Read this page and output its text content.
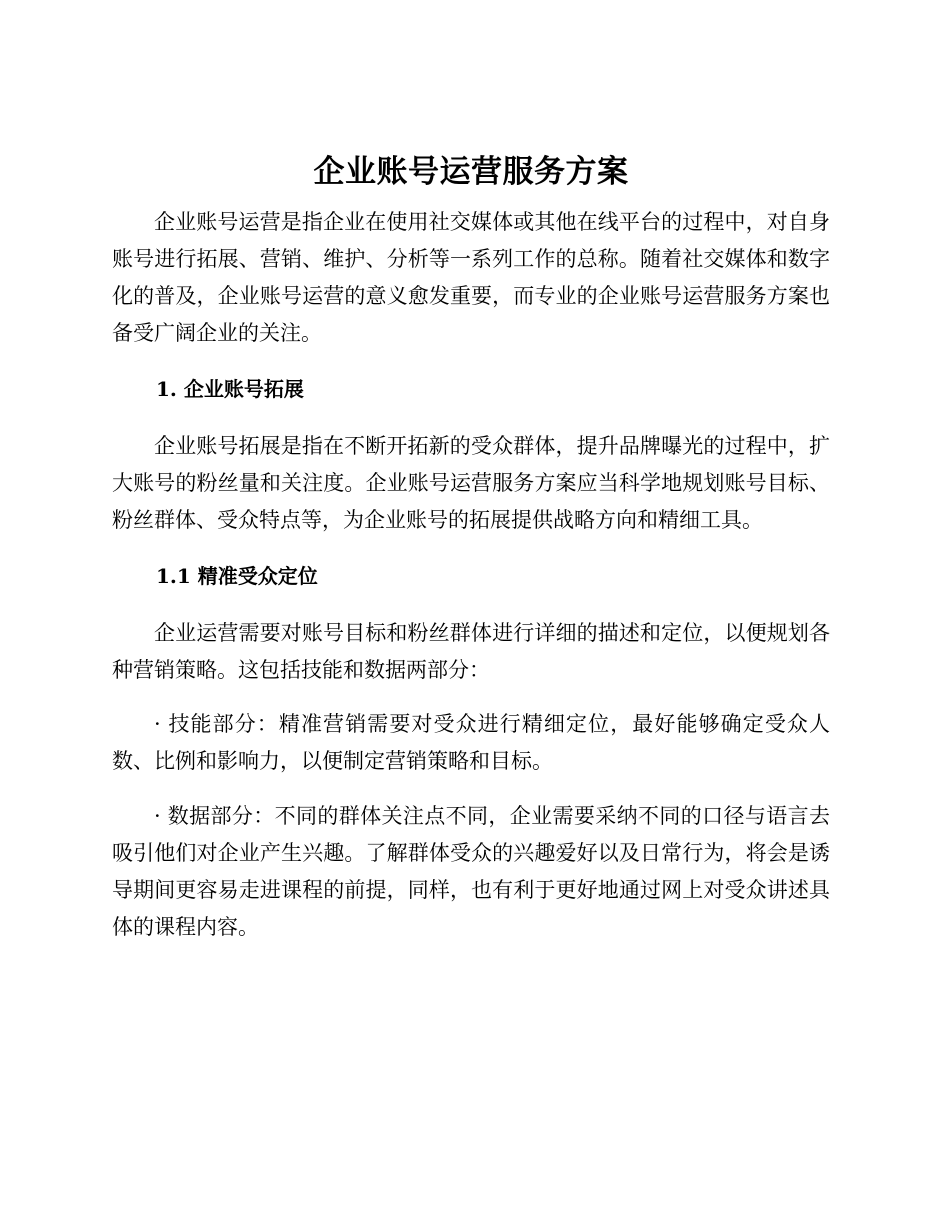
企业账号运营服务方案

企业账号运营是指企业在使用社交媒体或其他在线平台的过程中，对自身账号进行拓展、营销、维护、分析等一系列工作的总称。随着社交媒体和数字化的普及，企业账号运营的意义愈发重要，而专业的企业账号运营服务方案也备受广阔企业的关注。

1. 企业账号拓展

企业账号拓展是指在不断开拓新的受众群体，提升品牌曝光的过程中，扩大账号的粉丝量和关注度。企业账号运营服务方案应当科学地规划账号目标、粉丝群体、受众特点等，为企业账号的拓展提供战略方向和精细工具。

1.1 精准受众定位

企业运营需要对账号目标和粉丝群体进行详细的描述和定位，以便规划各种营销策略。这包括技能和数据两部分：

· 技能部分：精准营销需要对受众进行精细定位，最好能够确定受众人数、比例和影响力，以便制定营销策略和目标。

· 数据部分：不同的群体关注点不同，企业需要采纳不同的口径与语言去吸引他们对企业产生兴趣。了解群体受众的兴趣爱好以及日常行为，将会是诱导期间更容易走进课程的前提，同样，也有利于更好地通过网上对受众讲述具体的课程内容。
